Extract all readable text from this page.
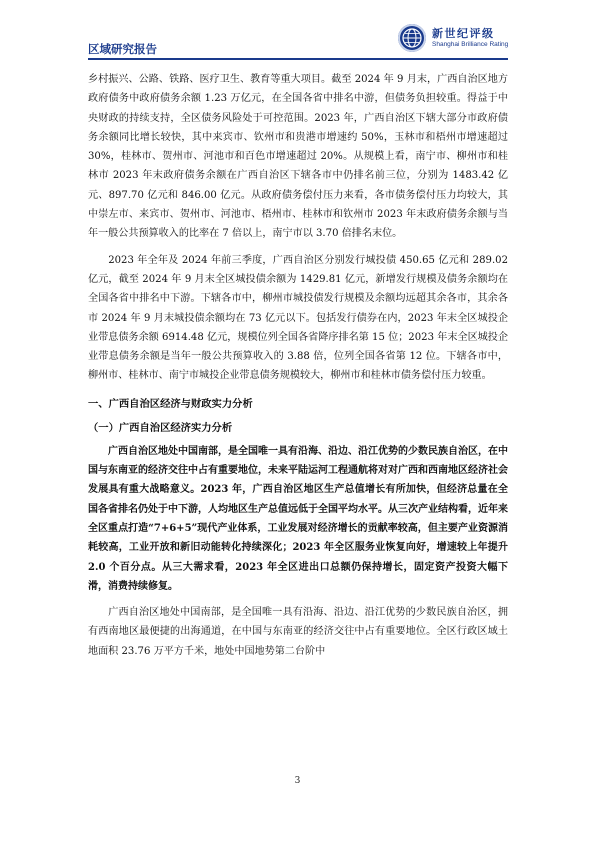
区域研究报告
新世纪评级
Shanghai Brilliance Rating

乡村振兴、公路、铁路、医疗卫生、教育等重大项目。截至 2024 年 9 月末，广西自治区地方政府债务中政府债务余额 1.23 万亿元，在全国各省中排名中游，但债务负担较重。得益于中央财政的持续支持，全区债务风险处于可控范围。2023 年，广西自治区下辖大部分市政府债务余额同比增长较快，其中来宾市、钦州市和贵港市增速约 50%，玉林市和梧州市增速超过 30%，桂林市、贺州市、河池市和百色市增速超过 20%。从规模上看，南宁市、柳州市和桂林市 2023 年末政府债务余额在广西自治区下辖各市中仍排名前三位，分别为 1483.42 亿元、897.70 亿元和 846.00 亿元。从政府债务偿付压力来看，各市债务偿付压力均较大，其中崇左市、来宾市、贺州市、河池市、梧州市、桂林市和钦州市 2023 年末政府债务余额与当年一般公共预算收入的比率在 7 倍以上，南宁市以 3.70 倍排名末位。

2023 年全年及 2024 年前三季度，广西自治区分别发行城投债 450.65 亿元和 289.02 亿元，截至 2024 年 9 月末全区城投债余额为 1429.81 亿元，新增发行规模及债务余额均在全国各省中排名中下游。下辖各市中，柳州市城投债发行规模及余额均远超其余各市，其余各市 2024 年 9 月末城投债余额均在 73 亿元以下。包括发行债券在内，2023 年末全区城投企业带息债务余额 6914.48 亿元，规模位列全国各省降序排名第 15 位；2023 年末全区城投企业带息债务余额是当年一般公共预算收入的 3.88 倍，位列全国各省第 12 位。下辖各市中，柳州市、桂林市、南宁市城投企业带息债务规模较大，柳州市和桂林市债务偿付压力较重。

一、广西自治区经济与财政实力分析
（一）广西自治区经济实力分析

广西自治区地处中国南部，是全国唯一具有沿海、沿边、沿江优势的少数民族自治区，在中国与东南亚的经济交往中占有重要地位，未来平陆运河工程通航将对对广西和西南地区经济社会发展具有重大战略意义。2023 年，广西自治区地区生产总值增长有所加快，但经济总量在全国各省排名仍处于中下游，人均地区生产总值远低于全国平均水平。从三次产业结构看，近年来全区重点打造“7+6+5”现代产业体系，工业发展对经济增长的贡献率较高，但主要产业资源消耗较高，工业开放和新旧动能转化持续深化；2023 年全区服务业恢复向好，增速较上年提升 2.0 个百分点。从三大需求看，2023 年全区进出口总额仍保持增长，固定资产投资大幅下滑，消费持续修复。

广西自治区地处中国南部，是全国唯一具有沿海、沿边、沿江优势的少数民族自治区，拥有西南地区最便捷的出海通道，在中国与东南亚的经济交往中占有重要地位。全区行政区域土地面积 23.76 万平方千米，地处中国地势第二台阶中

3
